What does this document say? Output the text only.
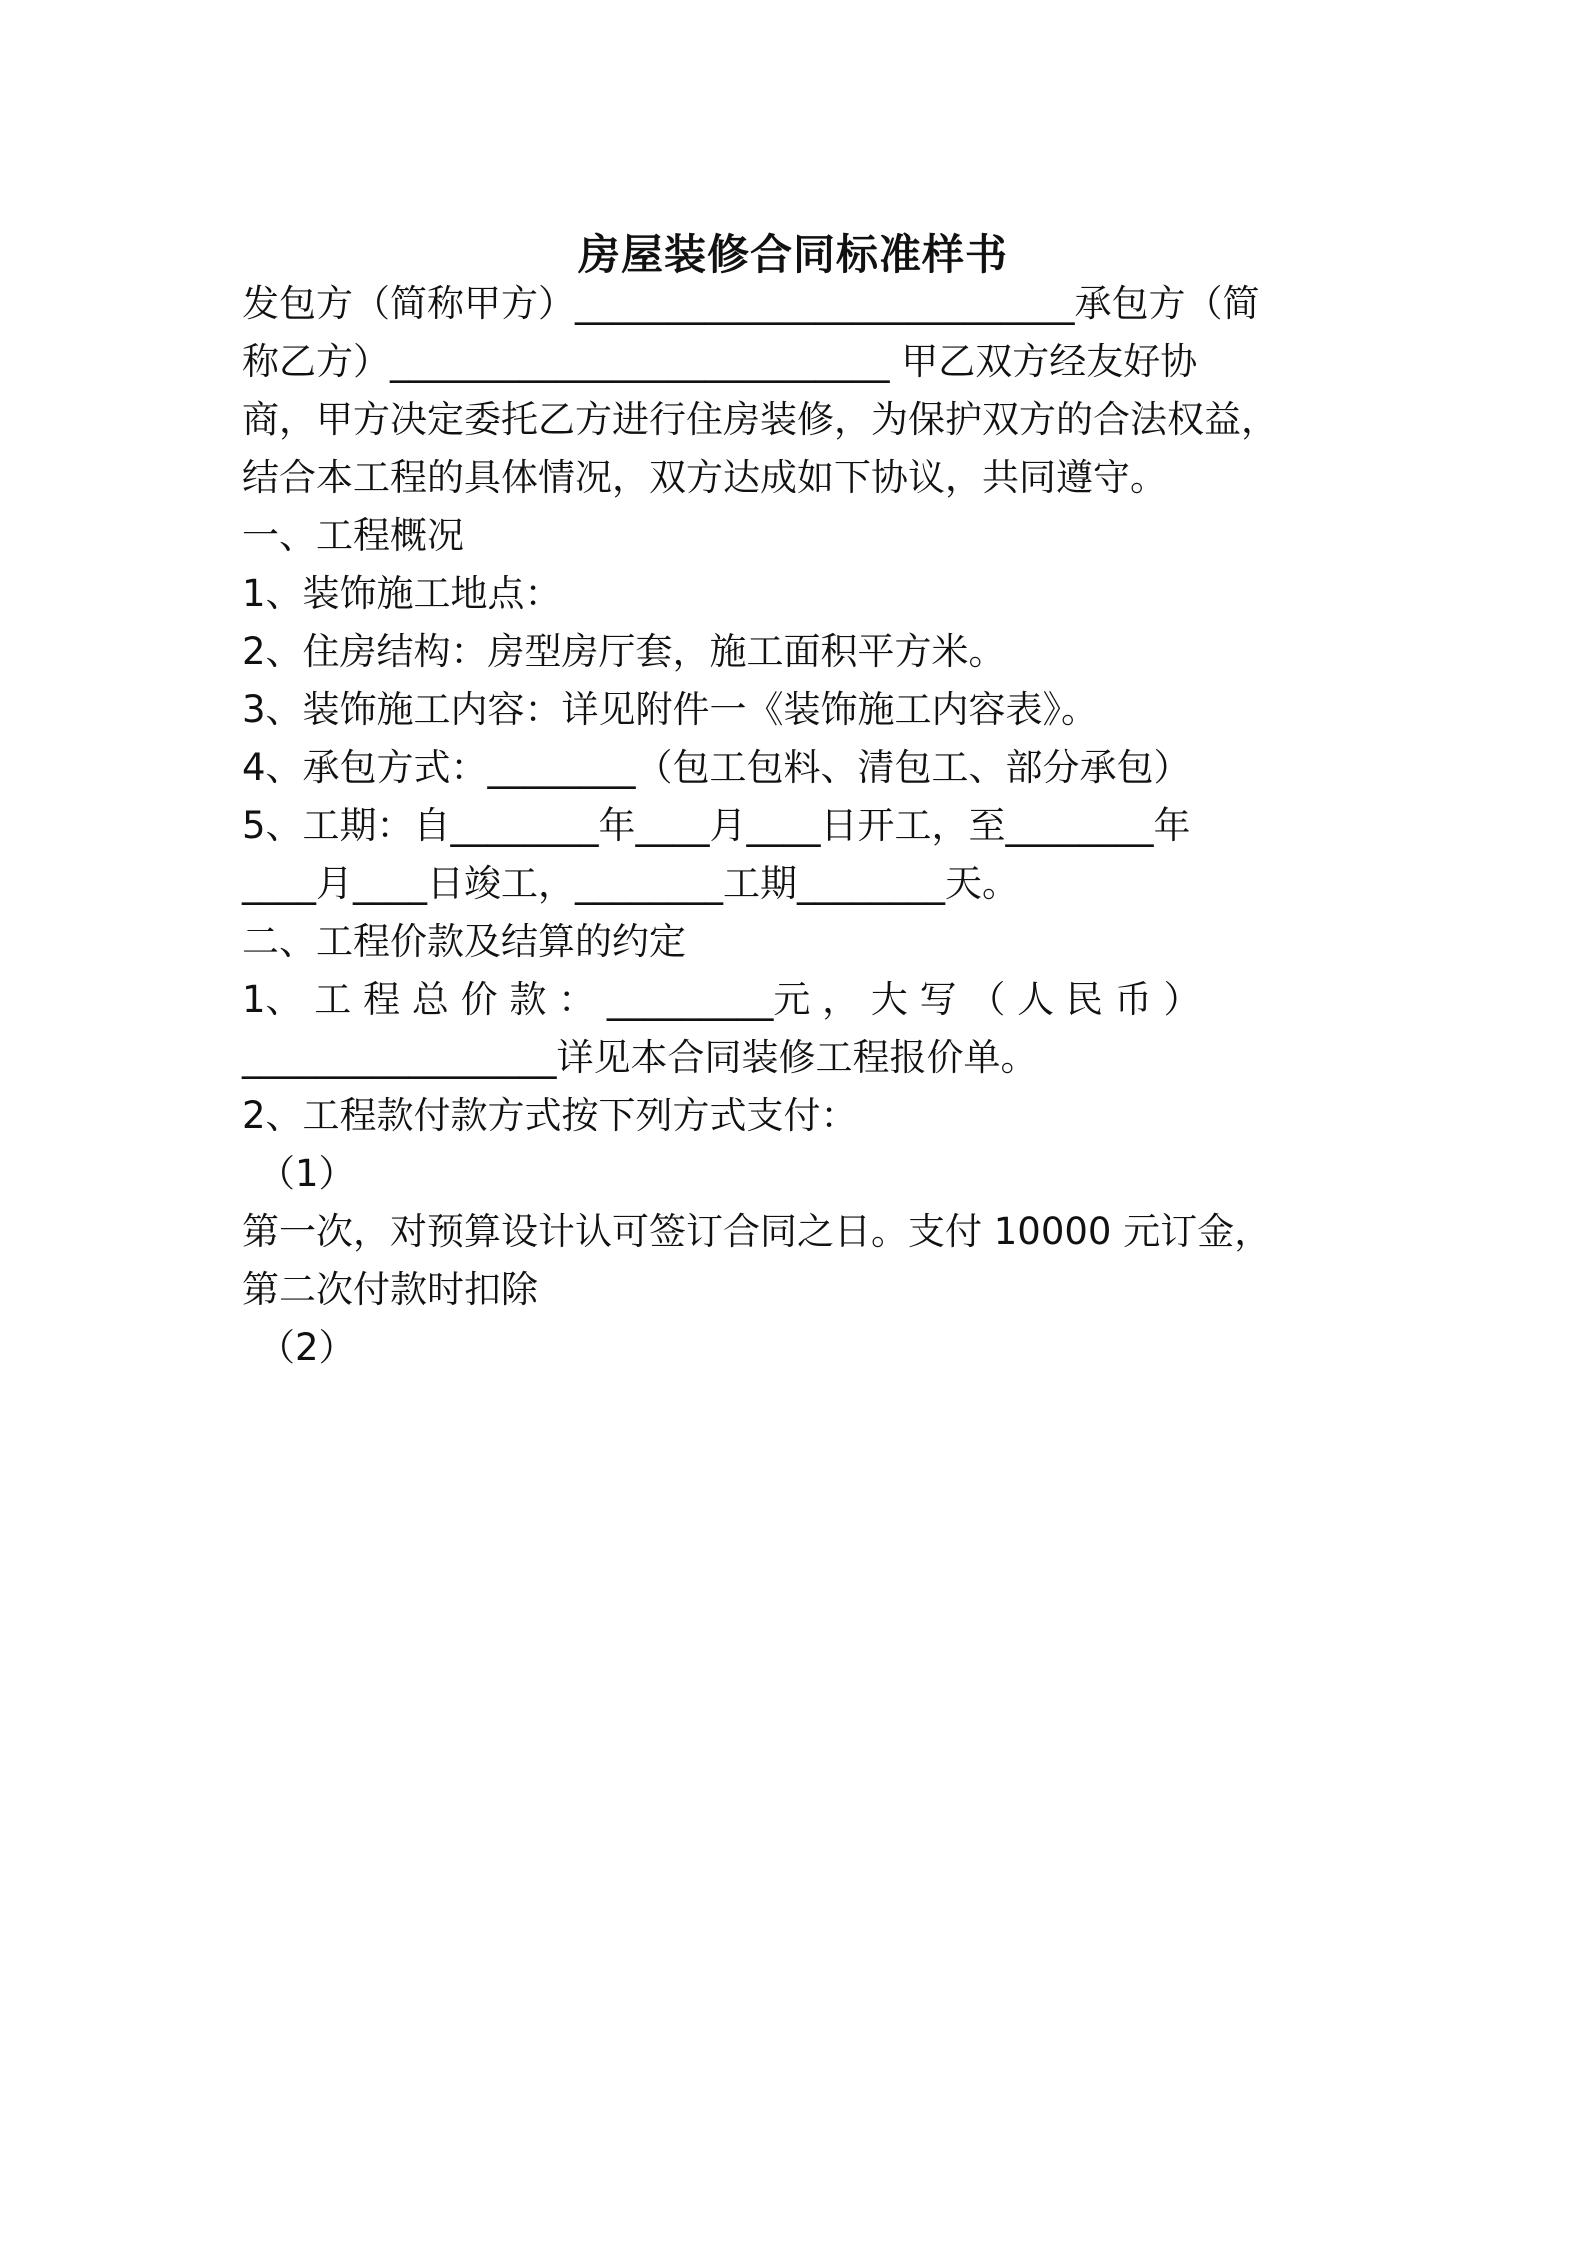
房屋装修合同标准样书
发包方（简称甲方）___________________________承包方（简
称乙方）___________________________ 甲乙双方经友好协
商，甲方决定委托乙方进行住房装修，为保护双方的合法权益，
结合本工程的具体情况，双方达成如下协议，共同遵守。
一、工程概况
1、装饰施工地点：
2、住房结构：房型房厅套，施工面积平方米。
3、装饰施工内容：详见附件一《装饰施工内容表》。
4、承包方式：________（包工包料、清包工、部分承包）
5、工期：自________年____月____日开工，至________年
____月____日竣工，________工期________天。
二、工程价款及结算的约定
1、 工 程 总 价 款 ： _________元 ， 大 写 （ 人 民 币 ）
_________________详见本合同装修工程报价单。
2、工程款付款方式按下列方式支付：
（1）
第一次，对预算设计认可签订合同之日。支付 10000 元订金，
第二次付款时扣除
（2）
